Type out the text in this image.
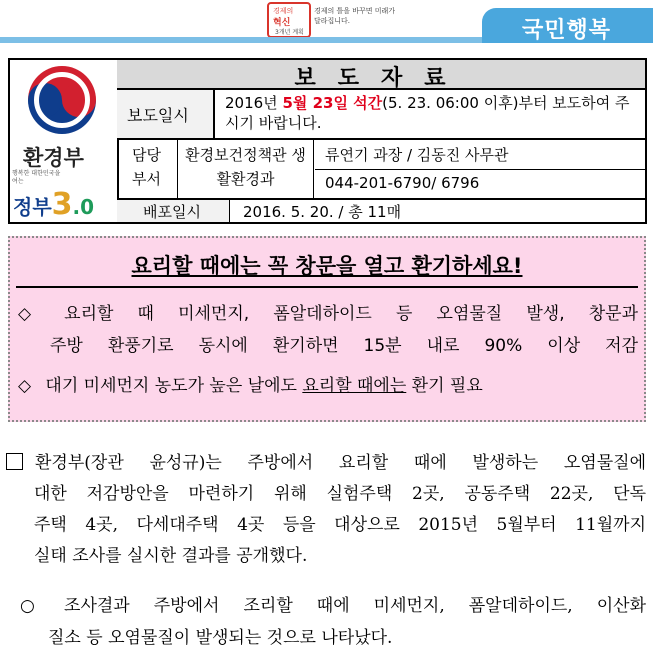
경제의
혁신
3개년 계획
경제의 틀을 바꾸면 미래가 달라집니다.	국민행복
환경부
행복한 대한민국을 여는
정부3.0
보도자료
보도일시
2016년 5월 23일 석간(5. 23. 06:00 이후)부터 보도하여 주시기 바랍니다.
담당 부서
환경보건정책관 생활환경과
류연기 과장 / 김동진 사무관
044-201-6790/ 6796
배포일시	2016. 5. 20. / 총 11매
요리할 때에는 꼭 창문을 열고 환기하세요!
◇ 요리할 때 미세먼지, 폼알데하이드 등 오염물질 발생, 창문과
주방 환풍기로 동시에 환기하면 15분 내로 90% 이상 저감
◇ 대기 미세먼지 농도가 높은 날에도 요리할 때에는 환기 필요
환경부(장관 윤성규)는 주방에서 요리할 때에 발생하는 오염물질에
대한 저감방안을 마련하기 위해 실험주택 2곳, 공동주택 22곳, 단독
주택 4곳, 다세대주택 4곳 등을 대상으로 2015년 5월부터 11월까지
실태 조사를 실시한 결과를 공개했다.
○ 조사결과 주방에서 조리할 때에 미세먼지, 폼알데하이드, 이산화
질소 등 오염물질이 발생되는 것으로 나타났다.
